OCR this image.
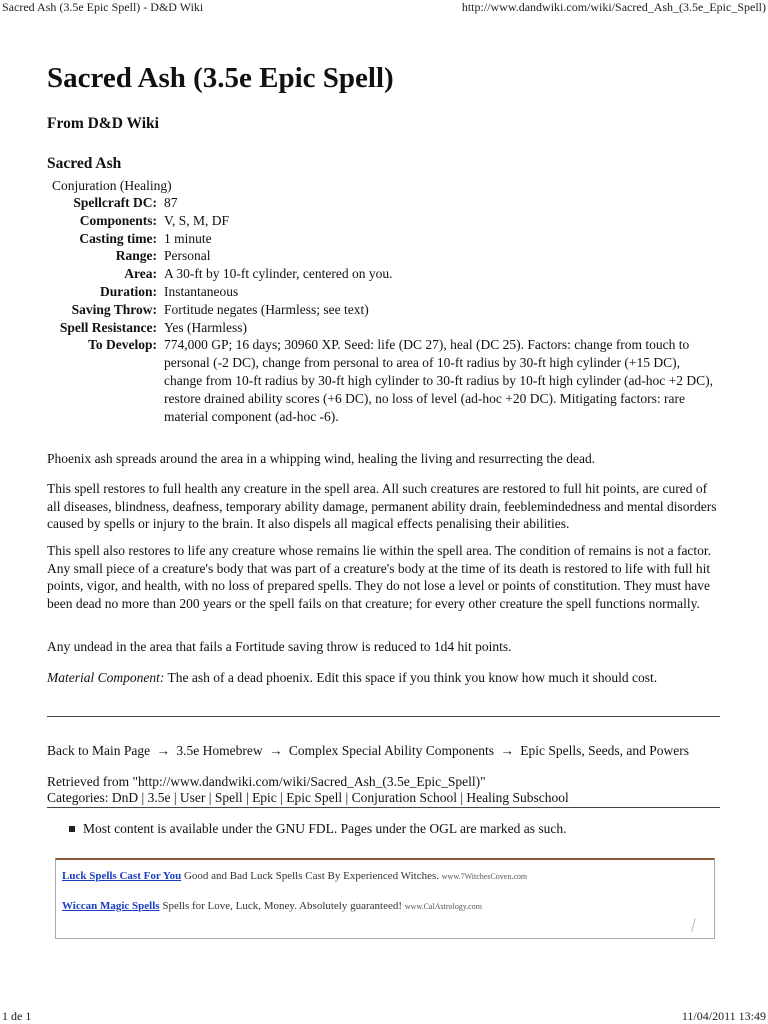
Sacred Ash (3.5e Epic Spell) - D&D Wiki	http://www.dandwiki.com/wiki/Sacred_Ash_(3.5e_Epic_Spell)
Sacred Ash (3.5e Epic Spell)
From D&D Wiki
Sacred Ash
Conjuration (Healing)
Spellcraft DC: 87
Components: V, S, M, DF
Casting time: 1 minute
Range: Personal
Area: A 30-ft by 10-ft cylinder, centered on you.
Duration: Instantaneous
Saving Throw: Fortitude negates (Harmless; see text)
Spell Resistance: Yes (Harmless)
To Develop: 774,000 GP; 16 days; 30960 XP. Seed: life (DC 27), heal (DC 25). Factors: change from touch to personal (-2 DC), change from personal to area of 10-ft radius by 30-ft high cylinder (+15 DC), change from 10-ft radius by 30-ft high cylinder to 30-ft radius by 10-ft high cylinder (ad-hoc +2 DC), restore drained ability scores (+6 DC), no loss of level (ad-hoc +20 DC). Mitigating factors: rare material component (ad-hoc -6).

Phoenix ash spreads around the area in a whipping wind, healing the living and resurrecting the dead.

This spell restores to full health any creature in the spell area. All such creatures are restored to full hit points, are cured of all diseases, blindness, deafness, temporary ability damage, permanent ability drain, feeblemindedness and mental disorders caused by spells or injury to the brain. It also dispels all magical effects penalising their abilities.

This spell also restores to life any creature whose remains lie within the spell area. The condition of remains is not a factor. Any small piece of a creature's body that was part of a creature's body at the time of its death is restored to life with full hit points, vigor, and health, with no loss of prepared spells. They do not lose a level or points of constitution. They must have been dead no more than 200 years or the spell fails on that creature; for every other creature the spell functions normally.

Any undead in the area that fails a Fortitude saving throw is reduced to 1d4 hit points.

Material Component: The ash of a dead phoenix. Edit this space if you think you know how much it should cost.

Back to Main Page → 3.5e Homebrew → Complex Special Ability Components → Epic Spells, Seeds, and Powers
Retrieved from "http://www.dandwiki.com/wiki/Sacred_Ash_(3.5e_Epic_Spell)"
Categories: DnD | 3.5e | User | Spell | Epic | Epic Spell | Conjuration School | Healing Subschool
Most content is available under the GNU FDL. Pages under the OGL are marked as such.
Luck Spells Cast For You Good and Bad Luck Spells Cast By Experienced Witches. www.7WitchesCoven.com
Wiccan Magic Spells Spells for Love, Luck, Money. Absolutely guaranteed! www.CalAstrology.com
1 de 1	11/04/2011 13:49
